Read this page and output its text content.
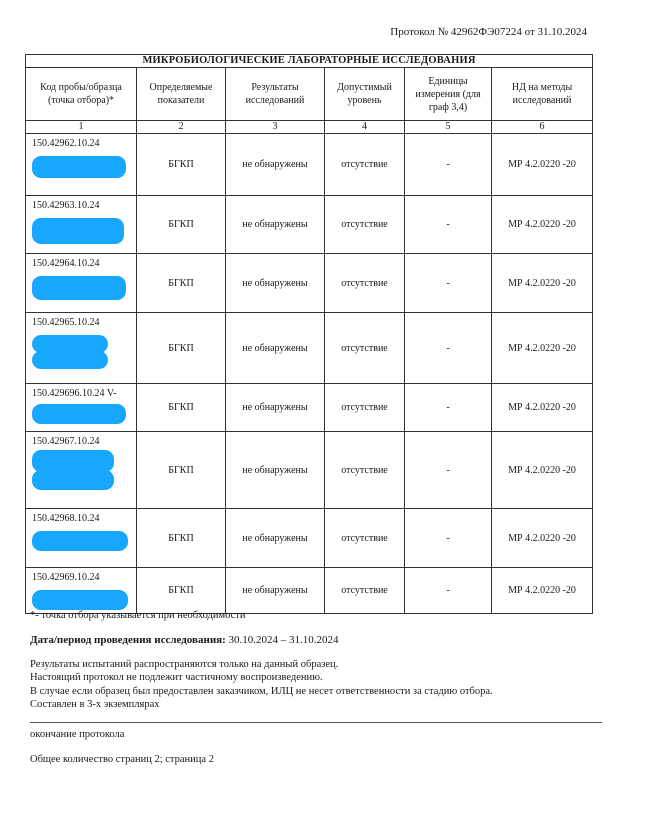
Протокол № 42962ФЭ07224 от 31.10.2024
МИКРОБИОЛОГИЧЕСКИЕ ЛАБОРАТОРНЫЕ ИССЛЕДОВАНИЯ					
Код пробы/образца (точка отбора)*	Определяемые показатели	Результаты исследований	Допустимый уровень	Единицы измерения (для граф 3,4)	НД на методы исследований
1	2	3	4	5	6
150.42962.10.24	БГКП	не обнаружены	отсутствие	-	МР 4.2.0220 -20
150.42963.10.24	БГКП	не обнаружены	отсутствие	-	МР 4.2.0220 -20
150.42964.10.24	БГКП	не обнаружены	отсутствие	-	МР 4.2.0220 -20
150.42965.10.24	БГКП	не обнаружены	отсутствие	-	МР 4.2.0220 -20
150.429696.10.24 V-	БГКП	не обнаружены	отсутствие	-	МР 4.2.0220 -20
150.42967.10.24	БГКП	не обнаружены	отсутствие	-	МР 4.2.0220 -20
150.42968.10.24	БГКП	не обнаружены	отсутствие	-	МР 4.2.0220 -20
150.42969.10.24	БГКП	не обнаружены	отсутствие	-	МР 4.2.0220 -20
*- точка отбора указывается при необходимости
Дата/период проведения исследования: 30.10.2024 – 31.10.2024
Результаты испытаний распространяются только на данный образец.
Настоящий протокол не подлежит частичному воспроизведению.
В случае если образец был предоставлен заказчиком, ИЛЦ не несет ответственности за стадию отбора.
Составлен в 3-х экземплярах
окончание протокола
Общее количество страниц 2; страница 2
